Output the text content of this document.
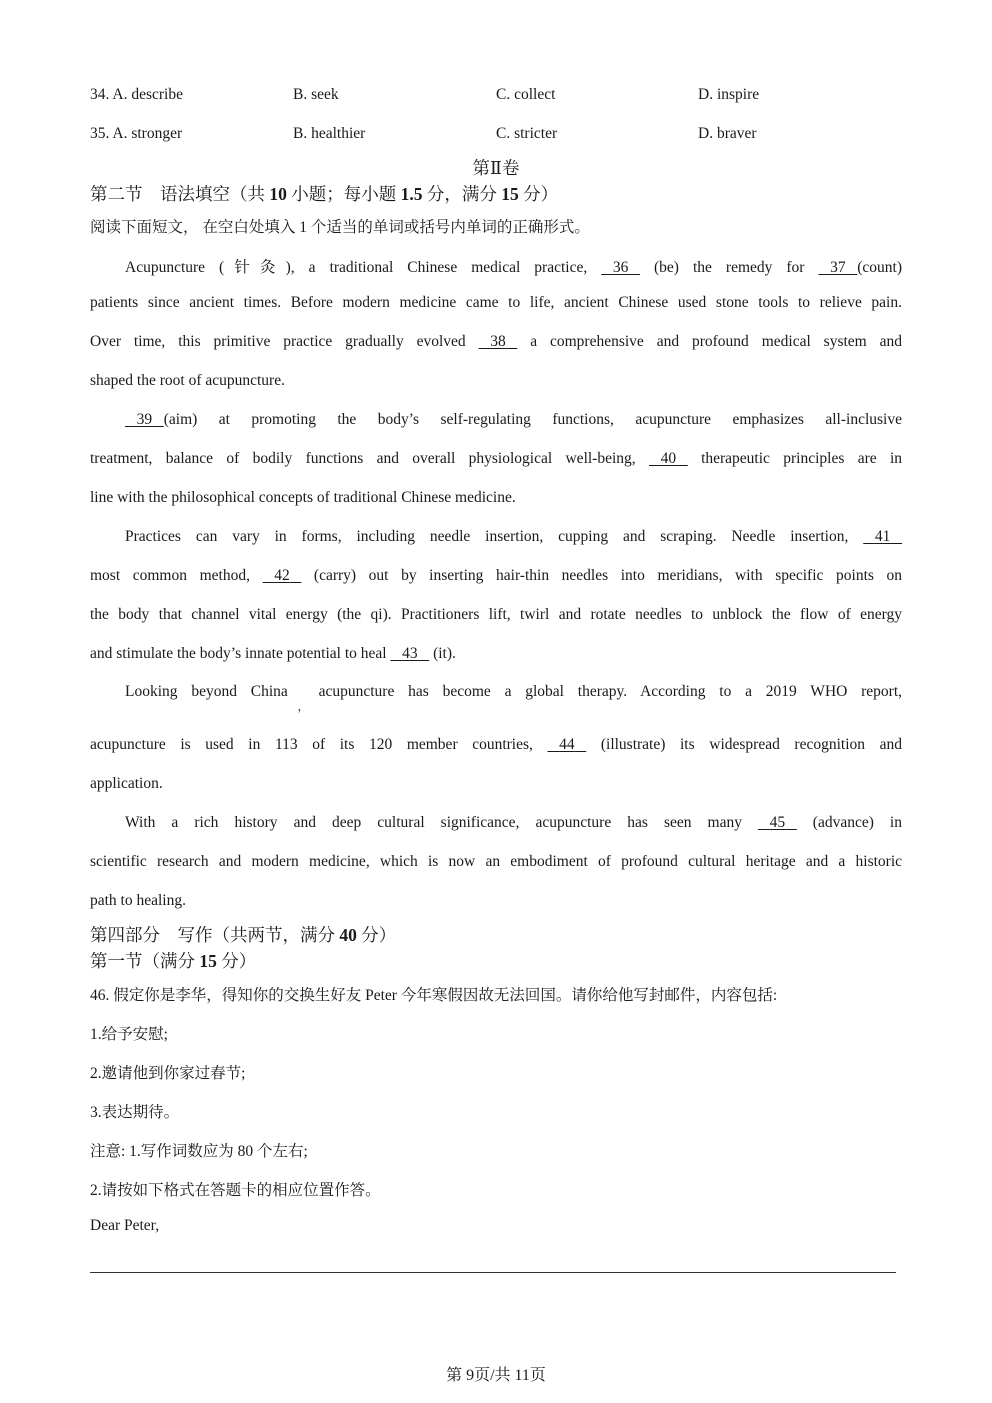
34. A. describe	B. seek	C. collect	D. inspire
35. A. stronger	B. healthier	C. stricter	D. braver
第Ⅱ卷
第二节　语法填空（共 10 小题；每小题 1.5 分，满分 15 分）
阅读下面短文， 在空白处填入 1 个适当的单词或括号内单词的正确形式。
Acupuncture (针灸), a traditional Chinese medical practice,    36    (be) the remedy for    37 (count)
patients since ancient times. Before modern medicine came to life, ancient Chinese used stone tools to relieve pain.
Over time, this primitive practice gradually evolved    38    a comprehensive and profound medical system and
shaped the root of acupuncture.
39 (aim) at promoting the body’s self-regulating functions, acupuncture emphasizes all-inclusive
treatment, balance of bodily functions and overall physiological well-being,    40    therapeutic principles are in
line with the philosophical concepts of traditional Chinese medicine.
Practices can vary in forms, including needle insertion, cupping and scraping. Needle insertion,    41
most common method,    42    (carry) out by inserting hair-thin needles into meridians, with specific points on
the body that channel vital energy (the qi). Practitioners lift, twirl and rotate needles to unblock the flow of energy
and stimulate the body’s innate potential to heal    43    (it).
Looking beyond China$_,$acupuncture has become a global therapy. According to a 2019 WHO report,
acupuncture is used in 113 of its 120 member countries,    44    (illustrate) its widespread recognition and
application.
With a rich history and deep cultural significance, acupuncture has seen many    45    (advance) in
scientific research and modern medicine, which is now an embodiment of profound cultural heritage and a historic
path to healing.
第四部分　写作（共两节，满分 40 分）
第一节（满分 15 分）
46. 假定你是李华，得知你的交换生好友 Peter 今年寒假因故无法回国。请你给他写封邮件，内容包括:
1.给予安慰;
2.邀请他到你家过春节;
3.表达期待。
注意: 1.写作词数应为 80 个左右;
2.请按如下格式在答题卡的相应位置作答。
Dear Peter,
第 9页/共 11页
